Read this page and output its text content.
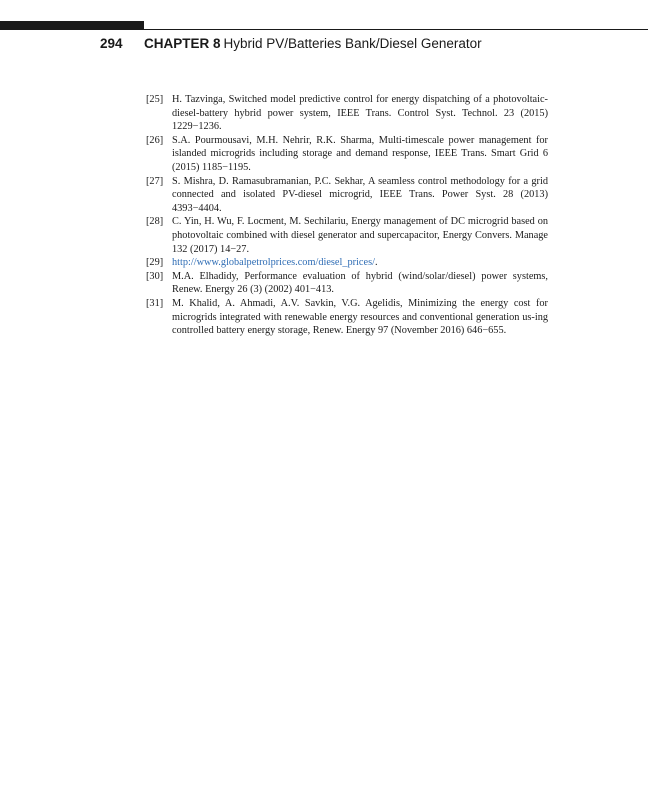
294 CHAPTER 8 Hybrid PV/Batteries Bank/Diesel Generator
[25] H. Tazvinga, Switched model predictive control for energy dispatching of a photovoltaic-diesel-battery hybrid power system, IEEE Trans. Control Syst. Technol. 23 (2015) 1229−1236.
[26] S.A. Pourmousavi, M.H. Nehrir, R.K. Sharma, Multi-timescale power management for islanded microgrids including storage and demand response, IEEE Trans. Smart Grid 6 (2015) 1185−1195.
[27] S. Mishra, D. Ramasubramanian, P.C. Sekhar, A seamless control methodology for a grid connected and isolated PV-diesel microgrid, IEEE Trans. Power Syst. 28 (2013) 4393−4404.
[28] C. Yin, H. Wu, F. Locment, M. Sechilariu, Energy management of DC microgrid based on photovoltaic combined with diesel generator and supercapacitor, Energy Convers. Manage 132 (2017) 14−27.
[29] http://www.globalpetrolprices.com/diesel_prices/.
[30] M.A. Elhadidy, Performance evaluation of hybrid (wind/solar/diesel) power systems, Renew. Energy 26 (3) (2002) 401−413.
[31] M. Khalid, A. Ahmadi, A.V. Savkin, V.G. Agelidis, Minimizing the energy cost for microgrids integrated with renewable energy resources and conventional generation us-ing controlled battery energy storage, Renew. Energy 97 (November 2016) 646−655.
